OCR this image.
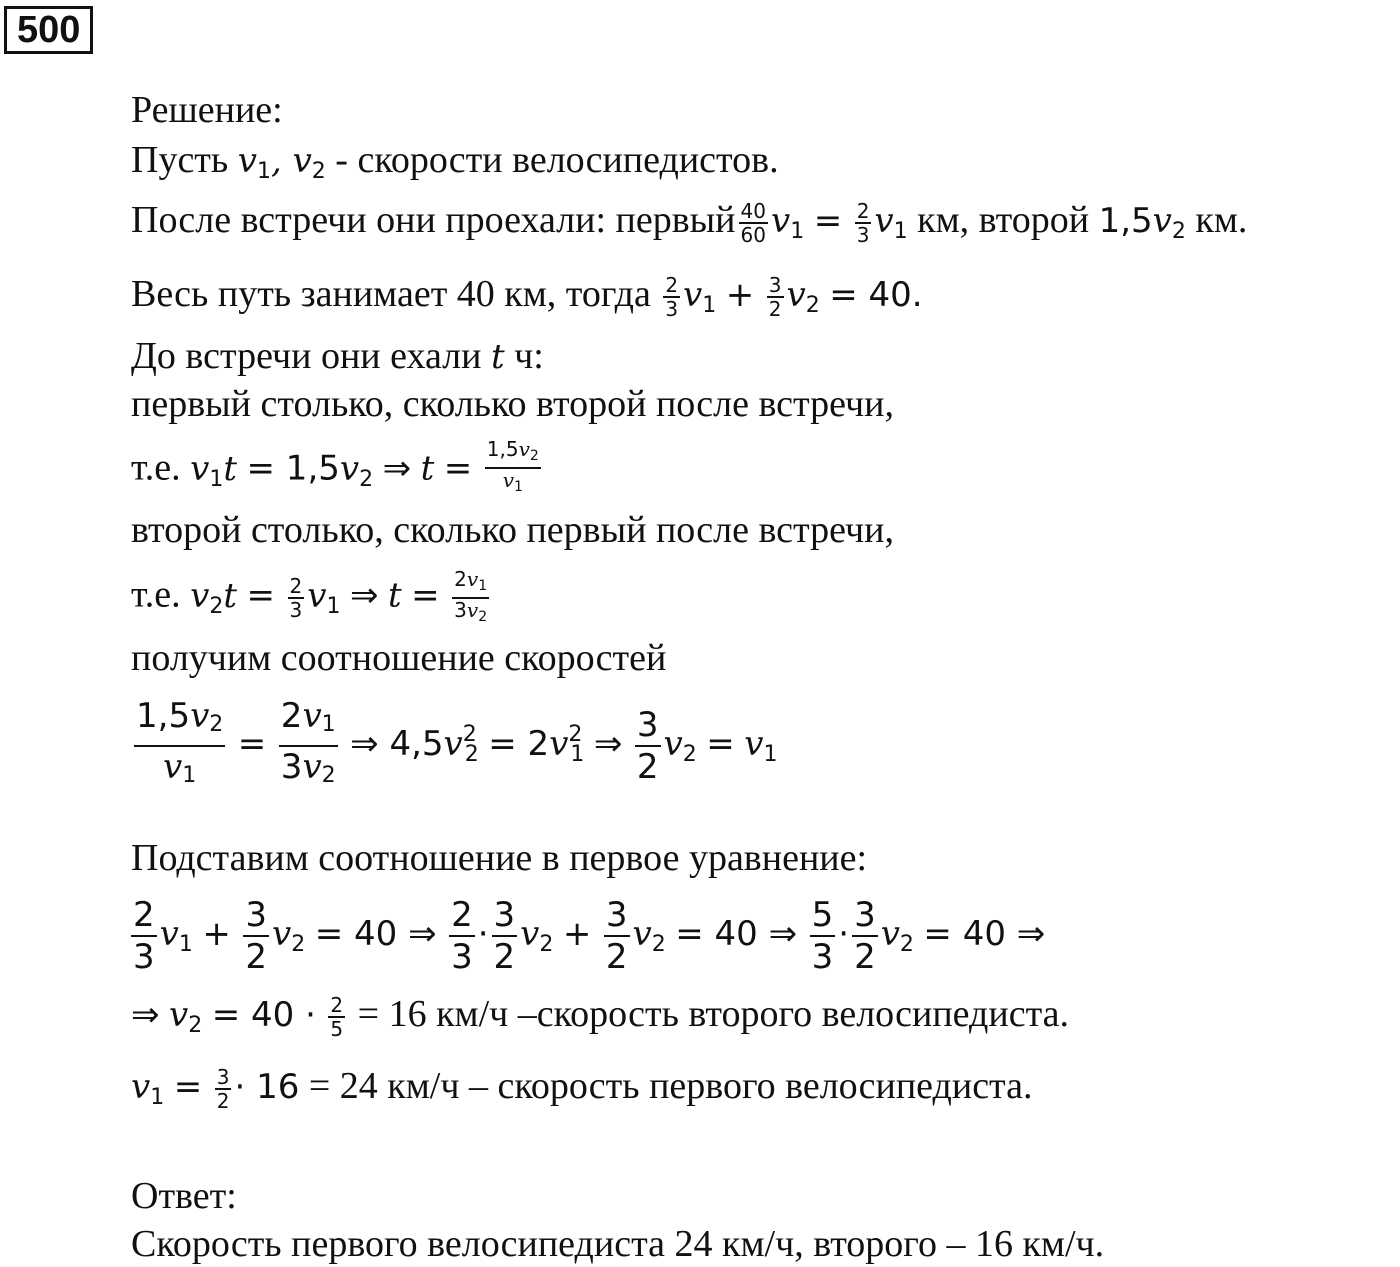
500
Решение:
Пусть $v_1$, $v_2$ - скорости велосипедистов.
После встречи они проехали: первый $\frac{40}{60} v_1 = \frac{2}{3} v_1$ км, второй $1,5v_2$ км.
Весь путь занимает 40 км, тогда $\frac{2}{3} v_1 + \frac{3}{2} v_2 = 40$.
До встречи они ехали t ч:
первый столько, сколько второй после встречи,
т.е. $v_1t = 1,5v_2$ ⇒ $t = \frac{1,5v_2}{v_1}$
второй столько, сколько первый после встречи,
т.е. $v_2t = \frac{2}{3} v_1$ ⇒ $t = \frac{2v_1}{3v_2}$
получим соотношение скоростей
$\frac{1,5v_2}{v_1} = \frac{2v_1}{3v_2}$ ⇒ $4,5v^2_2 = 2v^2_1$ ⇒ $\frac{3}{2} v_2 = v_1$
Подставим соотношение в первое уравнение:
$\frac{2}{3} v_1 + \frac{3}{2} v_2 = 40$ ⇒ $\frac{2}{3} \cdot \frac{3}{2} v_2 + \frac{3}{2} v_2 = 40$ ⇒ $\frac{5}{3} \cdot \frac{3}{2} v_2 = 40$ ⇒
⇒ $v_2 = 40 \cdot \frac{2}{5} = 16$ км/ч –скорость второго велосипедиста.
$v_1 = \frac{3}{2} \cdot 16 = 24$ км/ч – скорость первого велосипедиста.
Ответ:
Скорость первого велосипедиста 24 км/ч, второго – 16 км/ч.
